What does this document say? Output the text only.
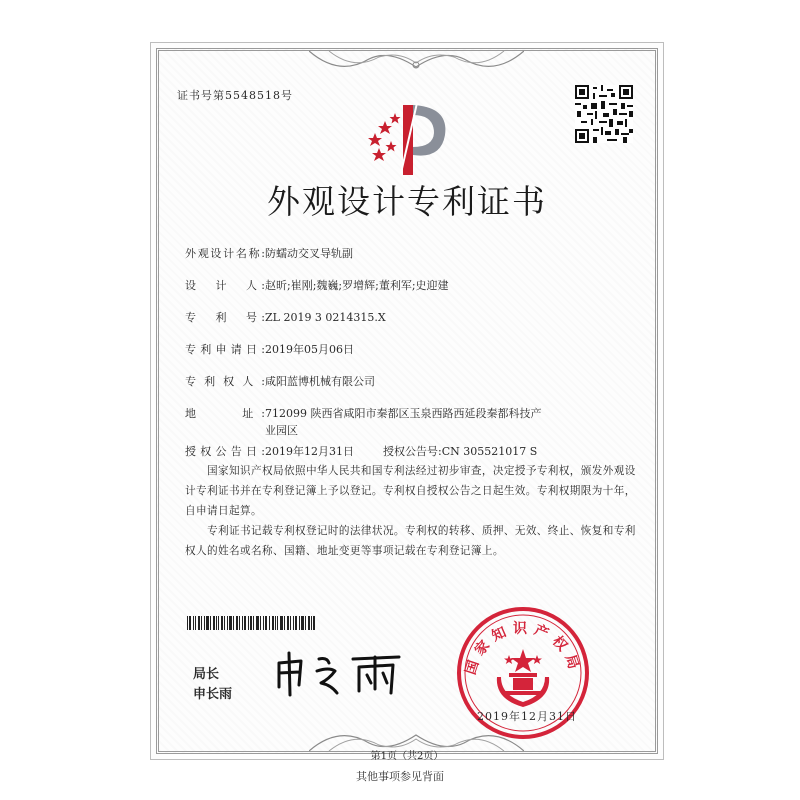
证书号第5548518号
外观设计专利证书
外观设计名称:防蠕动交叉导轨副
设　计　人:赵昕;崔刚;魏巍;罗增辉;董利军;史迎建
专　利　号:ZL 2019 3 0214315.X
专利申请日:2019年05月06日
专利权人:咸阳蓝博机械有限公司
地　　址:712099 陕西省咸阳市秦都区玉泉西路西延段秦都科技产
业园区
授权公告日:2019年12月31日	授权公告号:CN 305521017 S
国家知识产权局依照中华人民共和国专利法经过初步审查，决定授予专利权，颁发外观设计专利证书并在专利登记簿上予以登记。专利权自授权公告之日起生效。专利权期限为十年，自申请日起算。
专利证书记载专利权登记时的法律状况。专利权的转移、质押、无效、终止、恢复和专利权人的姓名或名称、国籍、地址变更等事项记载在专利登记簿上。
局长
申长雨
国家知识产权局
2019年12月31日
第1页（共2页）
其他事项参见背面
